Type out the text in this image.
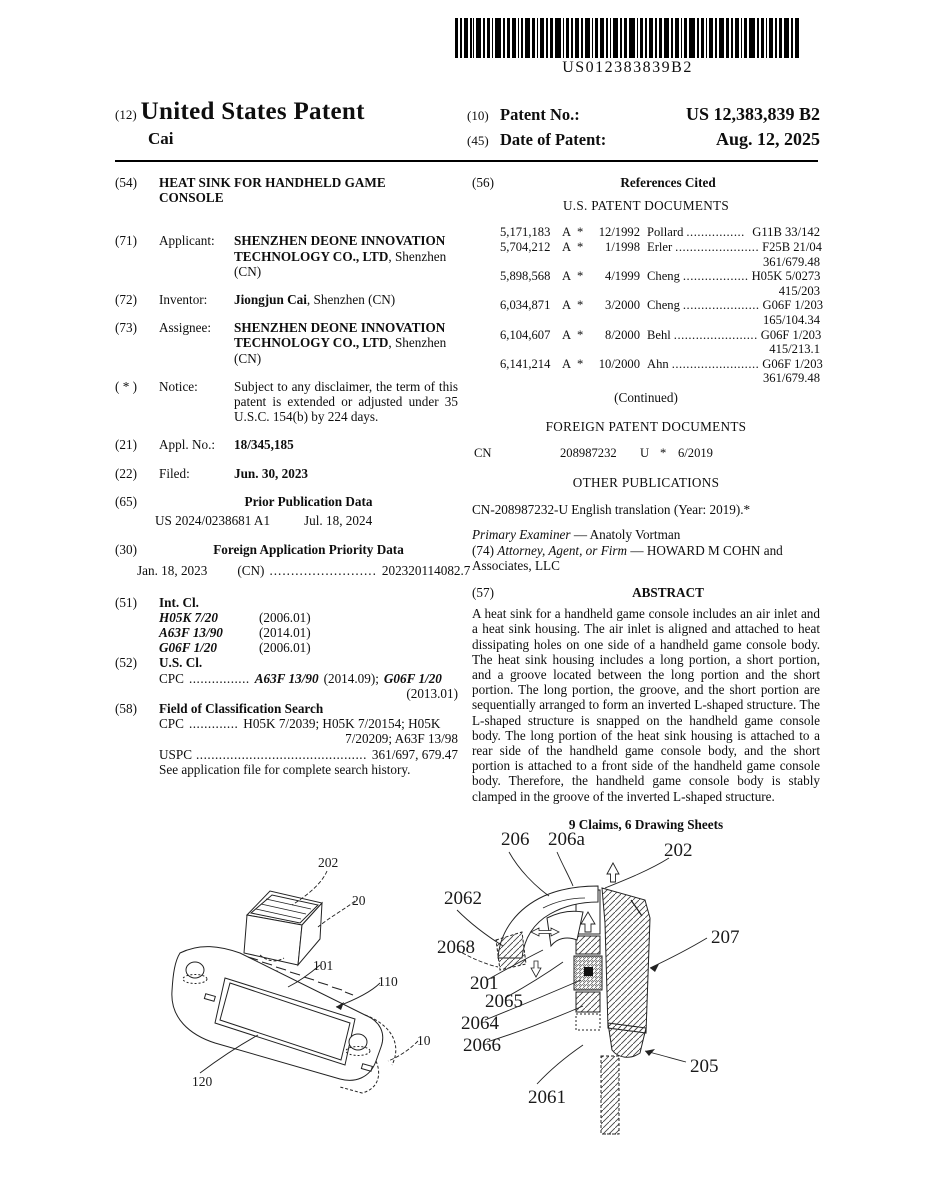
US012383839B2
(12) United States Patent
Cai
(10) Patent No.:	US 12,383,839 B2
(45) Date of Patent:	Aug. 12, 2025
(54)	HEAT SINK FOR HANDHELD GAME CONSOLE
(71)	Applicant:	SHENZHEN DEONE INNOVATION TECHNOLOGY CO., LTD, Shenzhen (CN)
(72)	Inventor:	Jiongjun Cai, Shenzhen (CN)
(73)	Assignee:	SHENZHEN DEONE INNOVATION TECHNOLOGY CO., LTD, Shenzhen (CN)
( * )	Notice:	Subject to any disclaimer, the term of this patent is extended or adjusted under 35 U.S.C. 154(b) by 224 days.
(21)	Appl. No.:	18/345,185
(22)	Filed:	Jun. 30, 2023
(65)	Prior Publication Data
US 2024/0238681 A1	Jul. 18, 2024
(30)	Foreign Application Priority Data
Jan. 18, 2023 (CN) ......................... 202320114082.7
(51)	Int. Cl.
H05K 7/20	(2006.01)
A63F 13/90	(2014.01)
G06F 1/20	(2006.01)
(52)	U.S. Cl.
CPC ................ A63F 13/90 (2014.09); G06F 1/20
(2013.01)
(58)	Field of Classification Search
CPC ............. H05K 7/2039; H05K 7/20154; H05K
7/20209; A63F 13/98
USPC ............................................. 361/697, 679.47
See application file for complete search history.
(56)	References Cited
U.S. PATENT DOCUMENTS
5,171,183 A *	12/1992 Pollard ................ G11B 33/142
5,704,212 A *	1/1998 Erler ....................... F25B 21/04
361/679.48
5,898,568 A *	4/1999 Cheng .................. H05K 5/0273
415/203
6,034,871 A *	3/2000 Cheng ..................... G06F 1/203
165/104.34
6,104,607 A *	8/2000 Behl ....................... G06F 1/203
415/213.1
6,141,214 A *	10/2000 Ahn ........................ G06F 1/203
361/679.48
(Continued)
FOREIGN PATENT DOCUMENTS
CN	208987232	U * 6/2019
OTHER PUBLICATIONS
CN-208987232-U English translation (Year: 2019).*
Primary Examiner — Anatoly Vortman
(74) Attorney, Agent, or Firm — HOWARD M COHN and Associates, LLC
(57)	ABSTRACT
A heat sink for a handheld game console includes an air inlet and a heat sink housing. The air inlet is aligned and attached to heat dissipating holes on one side of a handheld game console body. The heat sink housing includes a long portion, a short portion, and a groove located between the long portion and the short portion. The long portion, the groove, and the short portion are sequentially arranged to form an inverted L-shaped structure. The L-shaped structure is snapped on the handheld game console body. The long portion of the heat sink housing is attached to a rear side of the handheld game console body, and the short portion is attached to a front side of the handheld game console body. Therefore, the handheld game console body is stably clamped in the groove of the inverted L-shaped structure.
9 Claims, 6 Drawing Sheets
202
20
101
110
10
120
206 206a
202
2062
2068
201
2065
2064
2066
2061
207
205
